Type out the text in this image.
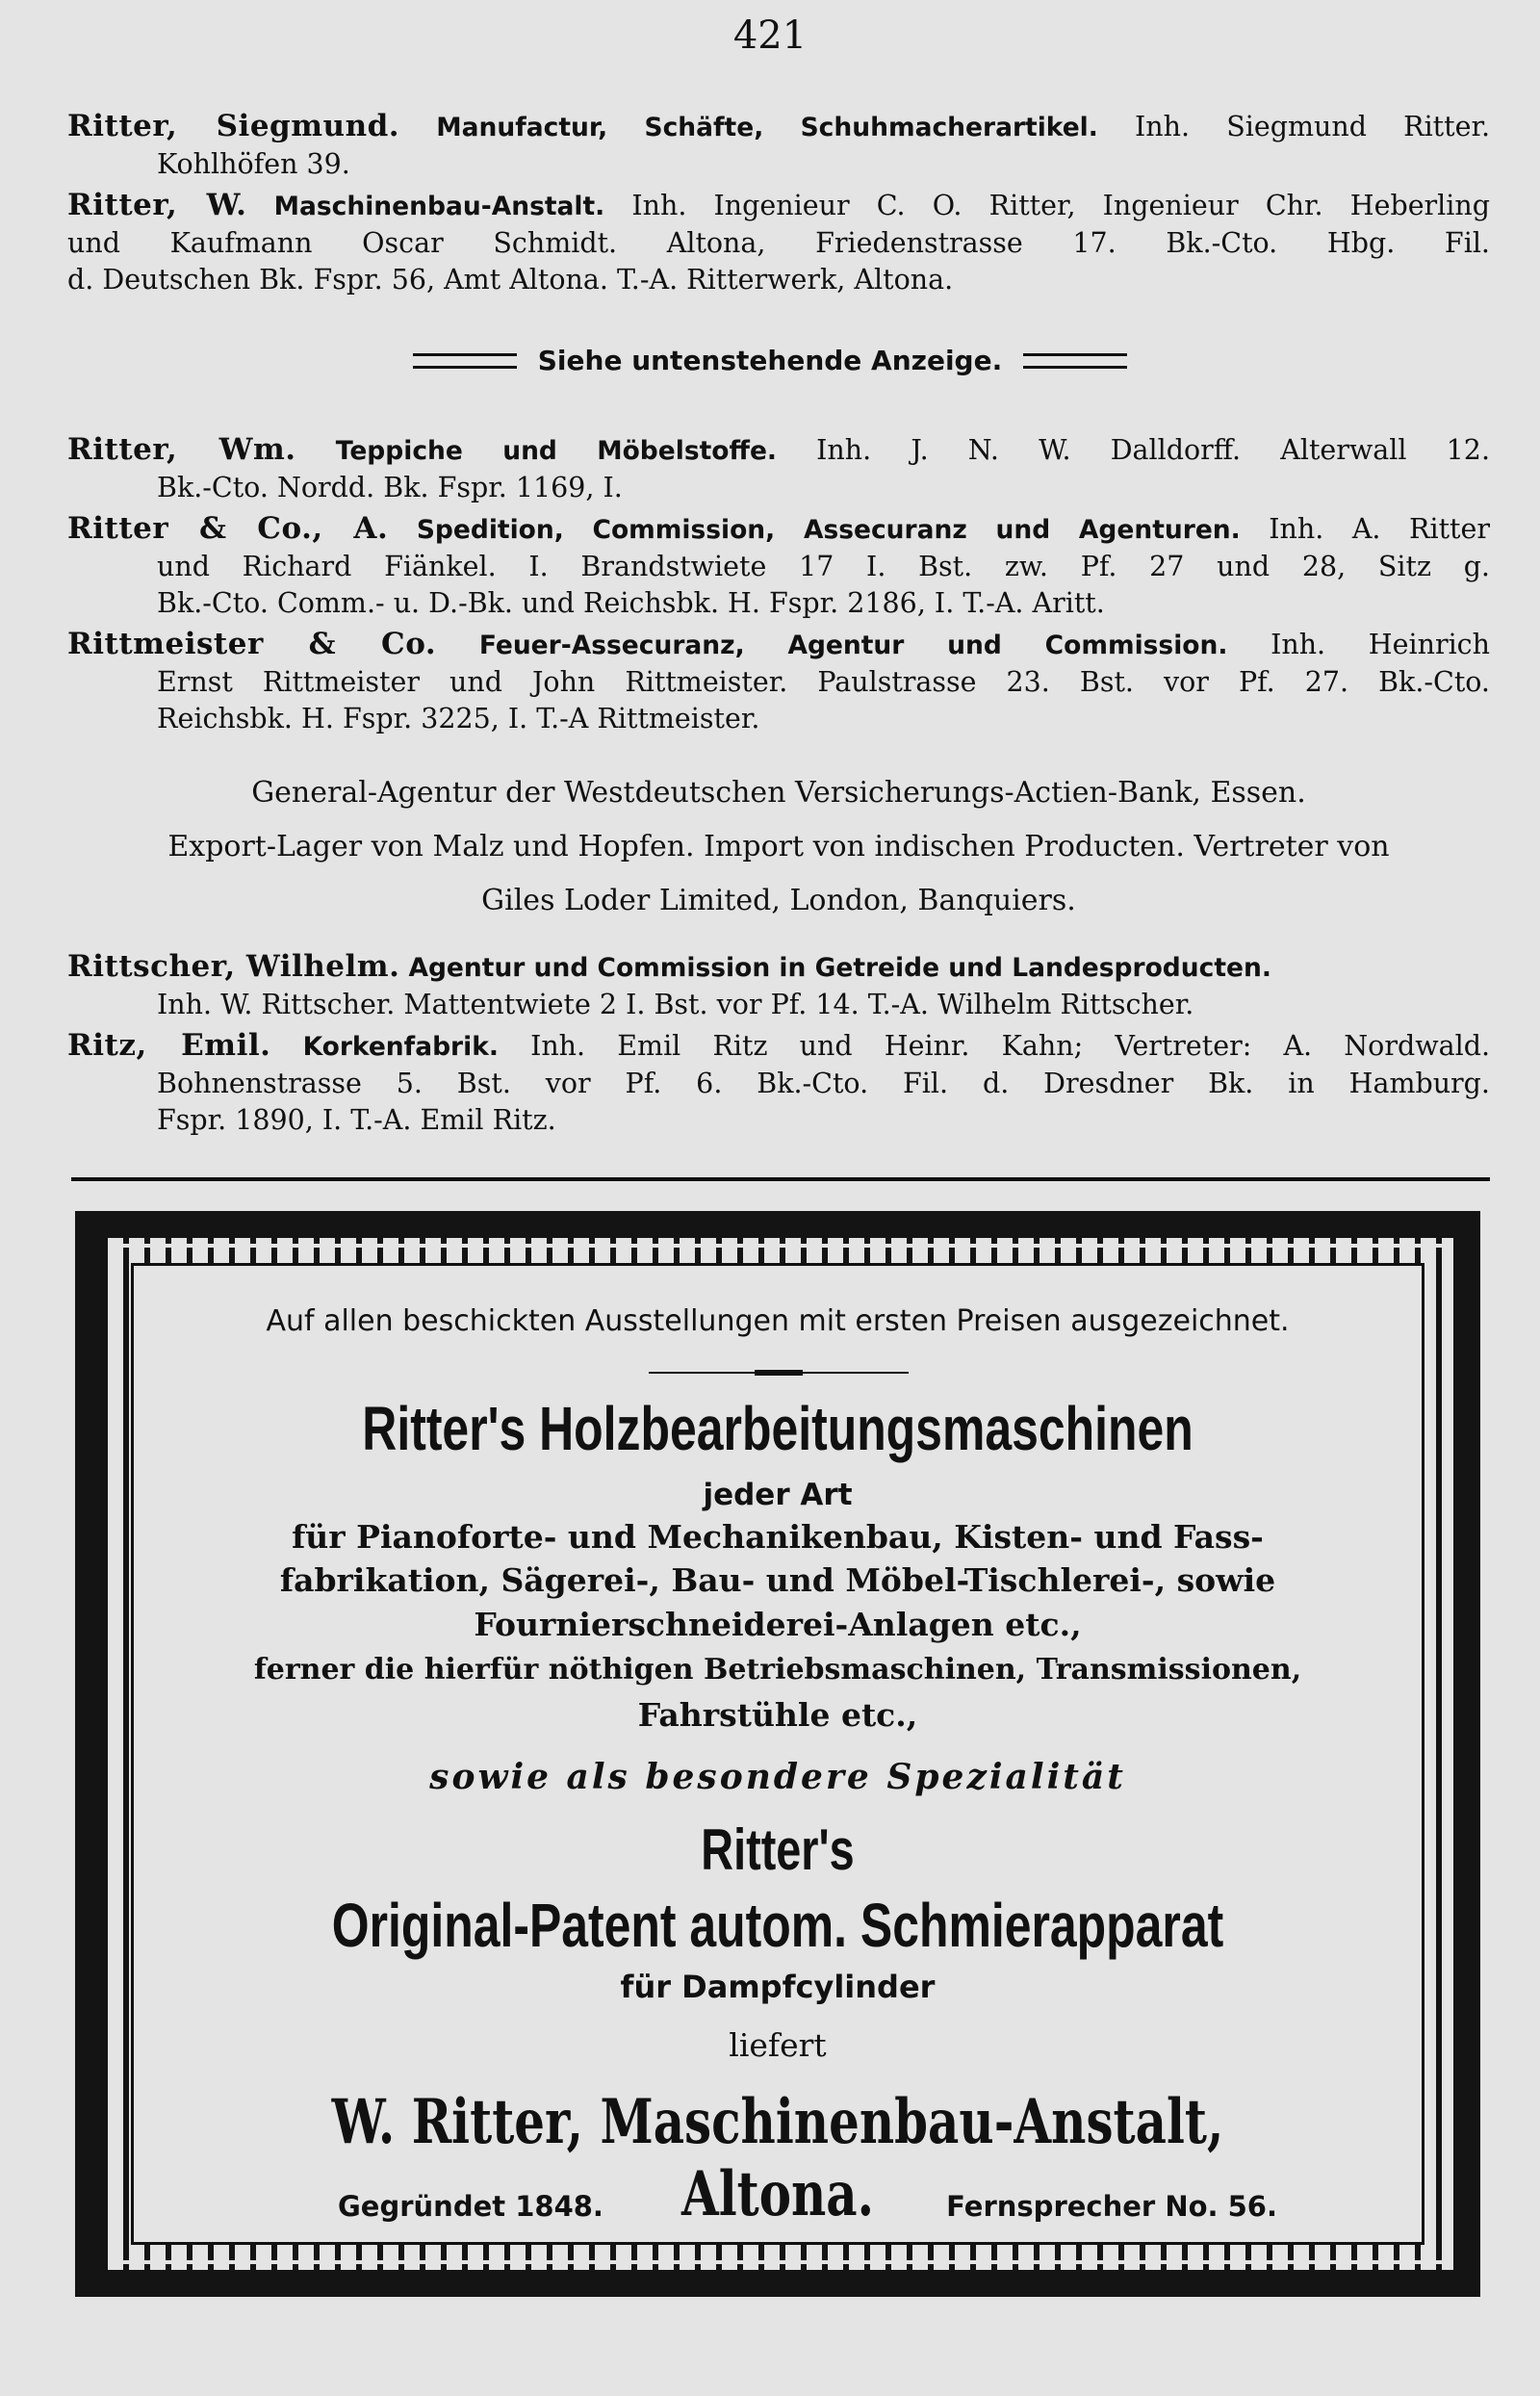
421
Ritter, Siegmund. Manufactur, Schäfte, Schuhmacherartikel. Inh. Siegmund Ritter.
Kohlhöfen 39.
Ritter, W. Maschinenbau-Anstalt. Inh. Ingenieur C. O. Ritter, Ingenieur Chr. Heberling
und Kaufmann Oscar Schmidt. Altona, Friedenstrasse 17. Bk.-Cto. Hbg. Fil.
d. Deutschen Bk. Fspr. 56, Amt Altona. T.-A. Ritterwerk, Altona.
Siehe untenstehende Anzeige.
Ritter, Wm. Teppiche und Möbelstoffe. Inh. J. N. W. Dalldorff. Alterwall 12.
Bk.-Cto. Nordd. Bk. Fspr. 1169, I.
Ritter & Co., A. Spedition, Commission, Assecuranz und Agenturen. Inh. A. Ritter
und Richard Fiänkel. I. Brandstwiete 17 I. Bst. zw. Pf. 27 und 28, Sitz g.
Bk.-Cto. Comm.- u. D.-Bk. und Reichsbk. H. Fspr. 2186, I. T.-A. Aritt.
Rittmeister & Co. Feuer-Assecuranz, Agentur und Commission. Inh. Heinrich
Ernst Rittmeister und John Rittmeister. Paulstrasse 23. Bst. vor Pf. 27. Bk.-Cto.
Reichsbk. H. Fspr. 3225, I. T.-A Rittmeister.
General-Agentur der Westdeutschen Versicherungs-Actien-Bank, Essen.
Export-Lager von Malz und Hopfen. Import von indischen Producten. Vertreter von
Giles Loder Limited, London, Banquiers.
Rittscher, Wilhelm. Agentur und Commission in Getreide und Landesproducten.
Inh. W. Rittscher. Mattentwiete 2 I. Bst. vor Pf. 14. T.-A. Wilhelm Rittscher.
Ritz, Emil. Korkenfabrik. Inh. Emil Ritz und Heinr. Kahn; Vertreter: A. Nordwald.
Bohnenstrasse 5. Bst. vor Pf. 6. Bk.-Cto. Fil. d. Dresdner Bk. in Hamburg.
Fspr. 1890, I. T.-A. Emil Ritz.
Auf allen beschickten Ausstellungen mit ersten Preisen ausgezeichnet.
Ritter's Holzbearbeitungsmaschinen
jeder Art
für Pianoforte- und Mechanikenbau, Kisten- und Fass-
fabrikation, Sägerei-, Bau- und Möbel-Tischlerei-, sowie
Fournierschneiderei-Anlagen etc.,
ferner die hierfür nöthigen Betriebsmaschinen, Transmissionen,
Fahrstühle etc.,
sowie als besondere Spezialität
Ritter's
Original-Patent autom. Schmierapparat
für Dampfcylinder
liefert
W. Ritter, Maschinenbau-Anstalt, Altona.
Gegründet 1848.	Fernsprecher No. 56.
